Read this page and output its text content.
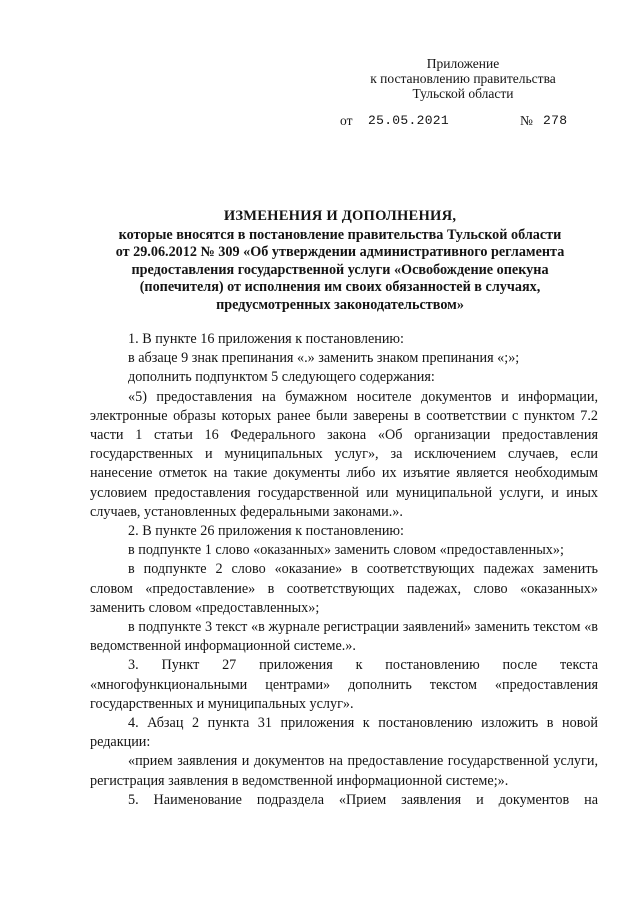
Приложение
к постановлению правительства
Тульской области
от 25.05.2021	№ 278
ИЗМЕНЕНИЯ И ДОПОЛНЕНИЯ,
которые вносятся в постановление правительства Тульской области
от 29.06.2012 № 309 «Об утверждении административного регламента
предоставления государственной услуги «Освобождение опекуна
(попечителя) от исполнения им своих обязанностей в случаях,
предусмотренных законодательством»

1. В пункте 16 приложения к постановлению:

в абзаце 9 знак препинания «.» заменить знаком препинания «;»;

дополнить подпунктом 5 следующего содержания:

«5) предоставления на бумажном носителе документов и информации, электронные образы которых ранее были заверены в соответствии с пунктом 7.2 части 1 статьи 16 Федерального закона «Об организации предоставления государственных и муниципальных услуг», за исключением случаев, если нанесение отметок на такие документы либо их изъятие является необходимым условием предоставления государственной или муниципальной услуги, и иных случаев, установленных федеральными законами.».

2. В пункте 26 приложения к постановлению:

в подпункте 1 слово «оказанных» заменить словом «предоставленных»;

в подпункте 2 слово «оказание» в соответствующих падежах заменить словом «предоставление» в соответствующих падежах, слово «оказанных» заменить словом «предоставленных»;

в подпункте 3 текст «в журнале регистрации заявлений» заменить текстом «в ведомственной информационной системе.».

3. Пункт 27 приложения к постановлению после текста «многофункциональными центрами» дополнить текстом «предоставления государственных и муниципальных услуг».

4. Абзац 2 пункта 31 приложения к постановлению изложить в новой редакции:

«прием заявления и документов на предоставление государственной услуги, регистрация заявления в ведомственной информационной системе;».

5. Наименование подраздела «Прием заявления и документов на
